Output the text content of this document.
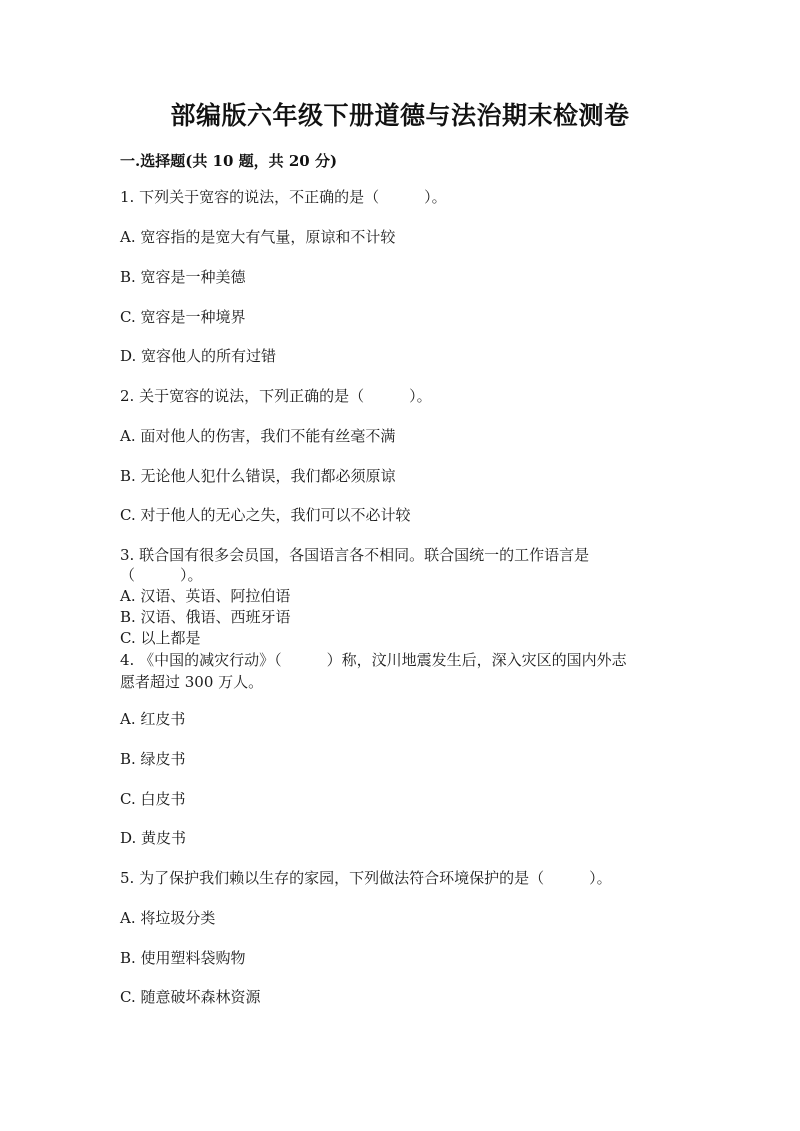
部编版六年级下册道德与法治期末检测卷
一.选择题(共 10 题，共 20 分)
1. 下列关于宽容的说法，不正确的是（　　　）。
A. 宽容指的是宽大有气量，原谅和不计较
B. 宽容是一种美德
C. 宽容是一种境界
D. 宽容他人的所有过错
2. 关于宽容的说法，下列正确的是（　　　）。
A. 面对他人的伤害，我们不能有丝毫不满
B. 无论他人犯什么错误，我们都必须原谅
C. 对于他人的无心之失，我们可以不必计较
3. 联合国有很多会员国，各国语言各不相同。联合国统一的工作语言是
（　　　）。
A. 汉语、英语、阿拉伯语
B. 汉语、俄语、西班牙语
C. 以上都是
4. 《中国的减灾行动》（　　　）称，汶川地震发生后，深入灾区的国内外志
愿者超过 300 万人。
A. 红皮书
B. 绿皮书
C. 白皮书
D. 黄皮书
5. 为了保护我们赖以生存的家园，下列做法符合环境保护的是（　　　）。
A. 将垃圾分类
B. 使用塑料袋购物
C. 随意破坏森林资源
